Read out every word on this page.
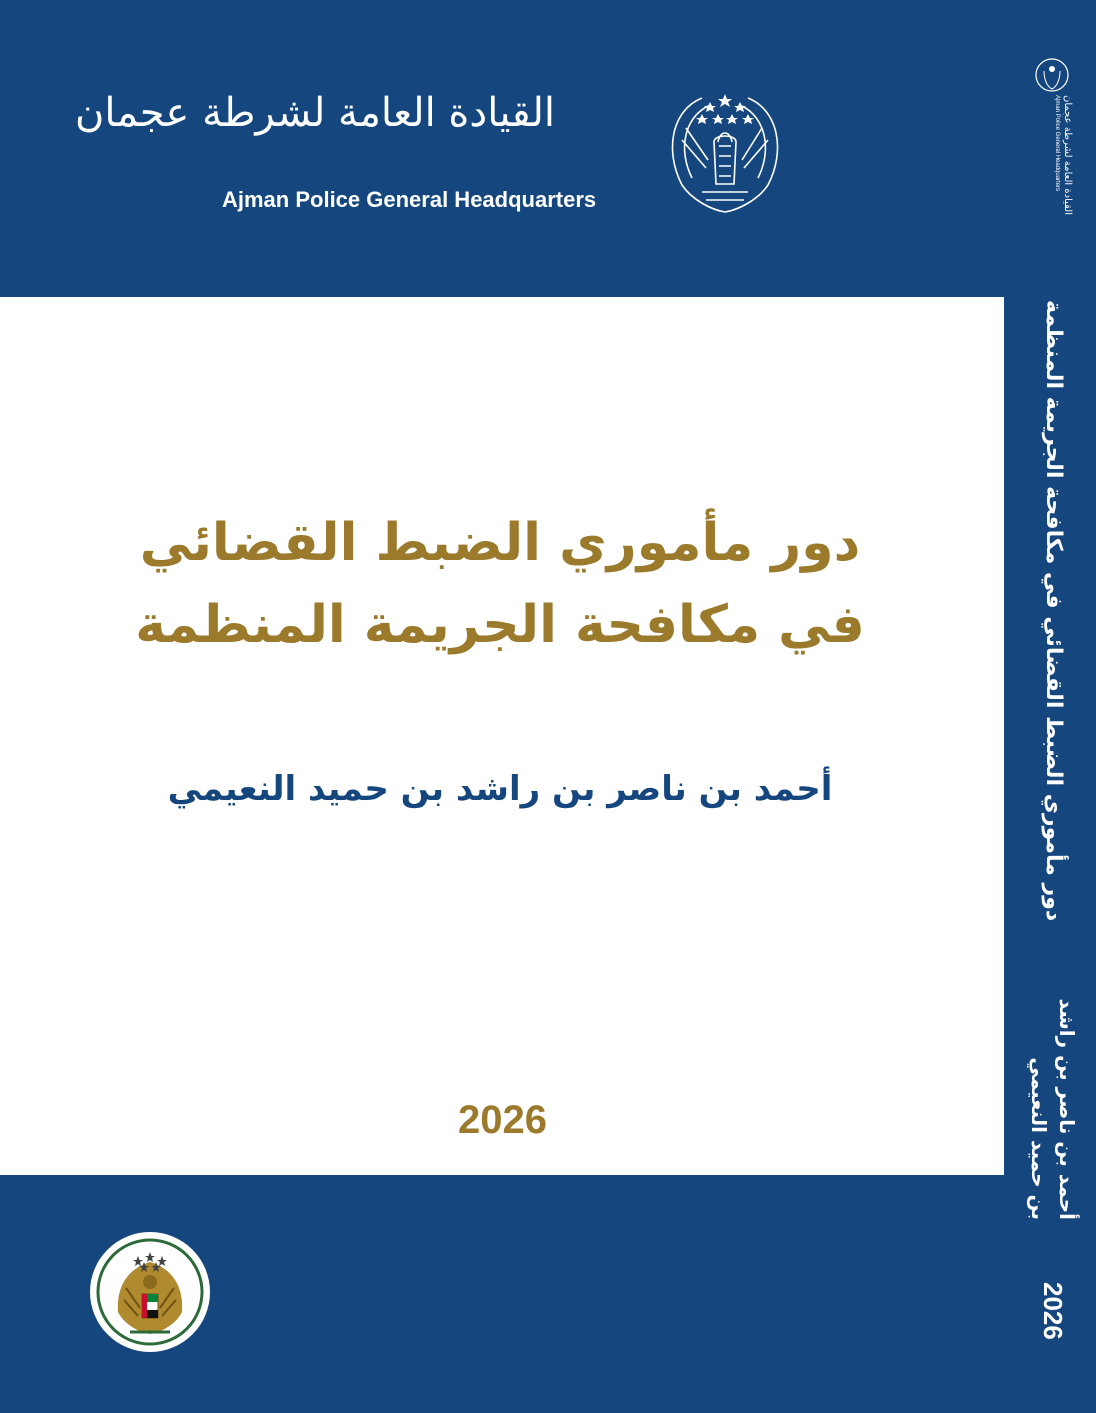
القيادة العامة لشرطة عجمان
Ajman Police General Headquarters
دور مأموري الضبط القضائي
في مكافحة الجريمة المنظمة
أحمد بن ناصر بن راشد بن حميد النعيمي
2026
القيادة العامة لشرطة عجمان
Ajman Police General Headquarters
دور مأموري الضبط القضائي في مكافحة الجريمة المنظمة
أحمد بن ناصر بن راشد
بن حميد النعيمي
2026
